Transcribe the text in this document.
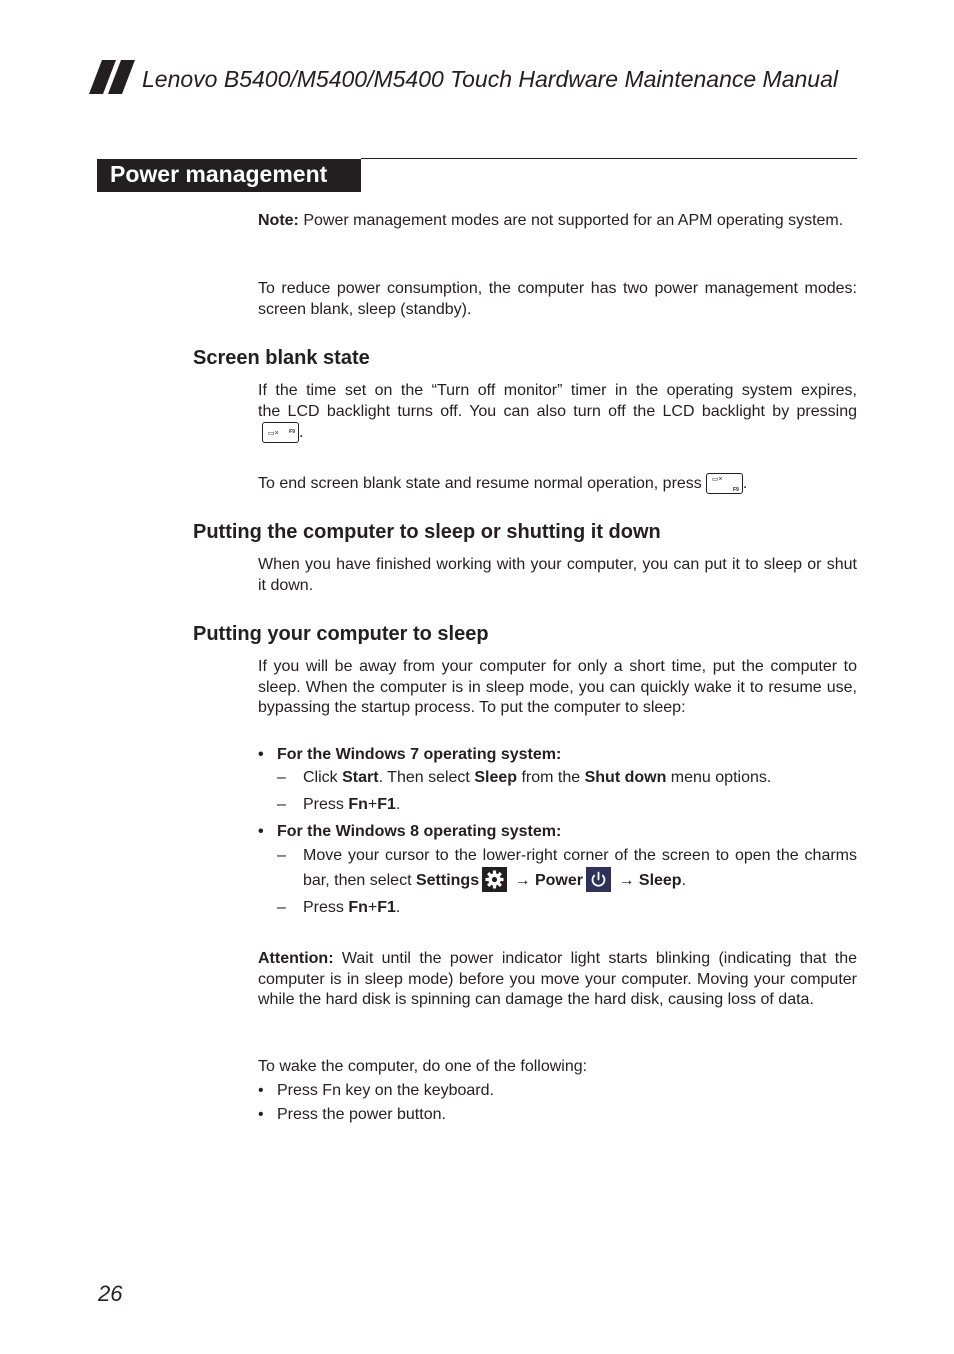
Lenovo B5400/M5400/M5400 Touch Hardware Maintenance Manual
Power management
Note: Power management modes are not supported for an APM operating system.
To reduce power consumption, the computer has two power management modes: screen blank, sleep (standby).
Screen blank state
If the time set on the “Turn off monitor” timer in the operating system expires, the LCD backlight turns off. You can also turn off the LCD backlight by pressing
▭× F9 .
To end screen blank state and resume normal operation, press ▭×
F9 .
Putting the computer to sleep or shutting it down
When you have finished working with your computer, you can put it to sleep or shut it down.
Putting your computer to sleep
If you will be away from your computer for only a short time, put the computer to sleep. When the computer is in sleep mode, you can quickly wake it to resume use, bypassing the startup process. To put the computer to sleep:
• For the Windows 7 operating system:
– Click Start. Then select Sleep from the Shut down menu options.
– Press Fn+F1.
• For the Windows 8 operating system:
– Move your cursor to the lower-right corner of the screen to open the charms bar, then select Settings → Power → Sleep.
– Press Fn+F1.
Attention: Wait until the power indicator light starts blinking (indicating that the computer is in sleep mode) before you move your computer. Moving your computer while the hard disk is spinning can damage the hard disk, causing loss of data.
To wake the computer, do one of the following:
• Press Fn key on the keyboard.
• Press the power button.
26
